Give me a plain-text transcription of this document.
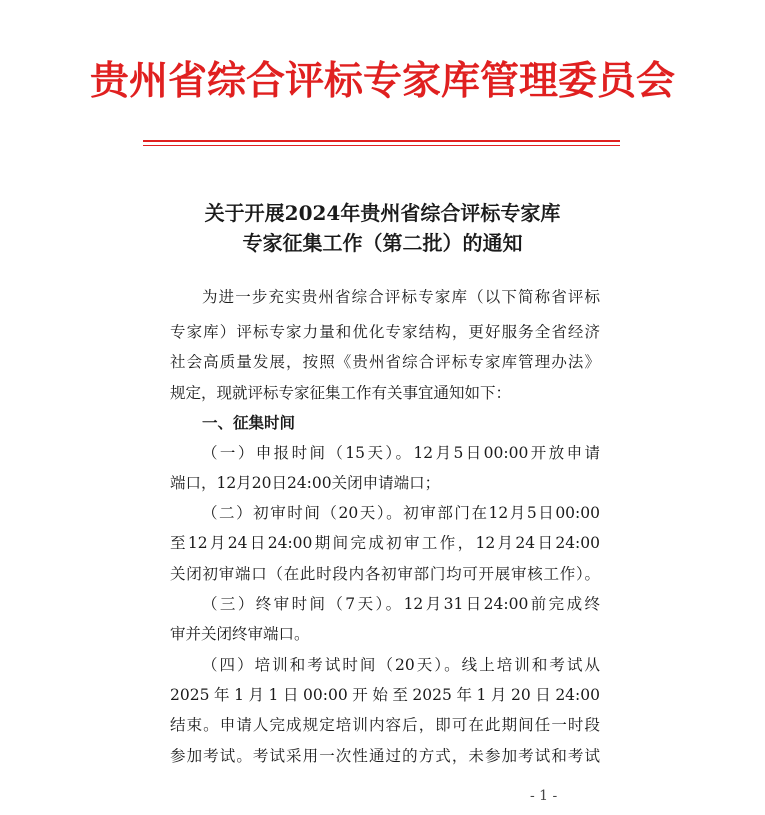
贵州省综合评标专家库管理委员会
关于开展2024年贵州省综合评标专家库
专家征集工作（第二批）的通知
为进一步充实贵州省综合评标专家库（以下简称省评标
专家库）评标专家力量和优化专家结构，更好服务全省经济
社会高质量发展，按照《贵州省综合评标专家库管理办法》
规定，现就评标专家征集工作有关事宜通知如下：
一、征集时间
（一）申报时间（15天）。12月5日00:00开放申请
端口，12月20日24:00关闭申请端口；
（二）初审时间（20天）。初审部门在12月5日00:00
至12月24日24:00期间完成初审工作，12月24日24:00
关闭初审端口（在此时段内各初审部门均可开展审核工作）。
（三）终审时间（7天）。12月31日24:00前完成终
审并关闭终审端口。
（四）培训和考试时间（20天）。线上培训和考试从
2025年1月1日00:00开始至2025年1月20日24:00
结束。申请人完成规定培训内容后，即可在此期间任一时段
参加考试。考试采用一次性通过的方式，未参加考试和考试
- 1 -
